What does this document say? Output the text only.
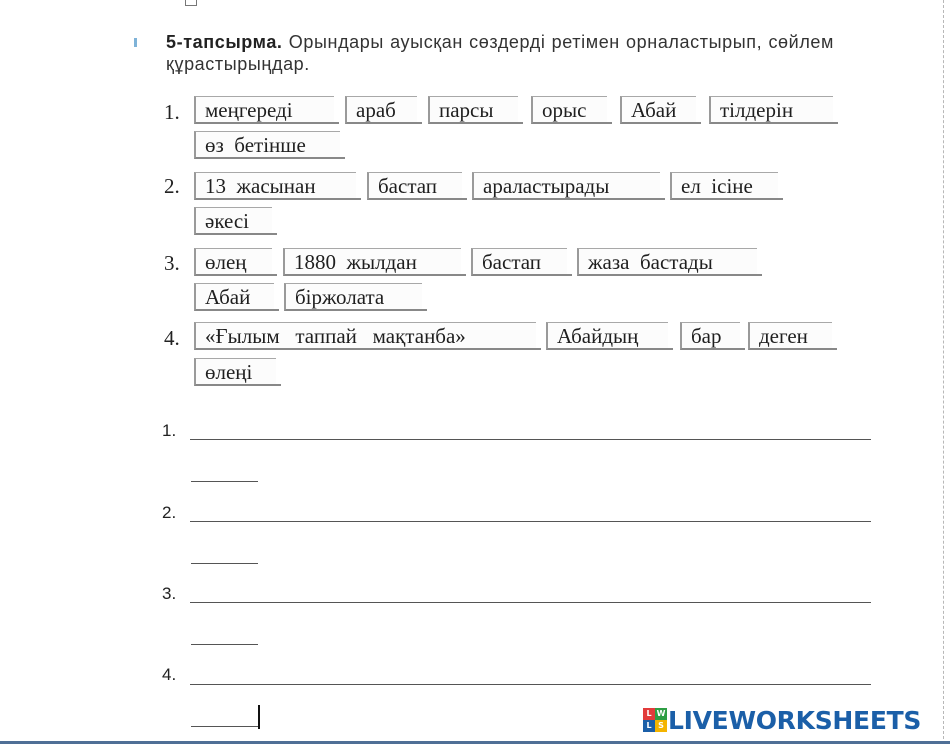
5-тапсырма. Орындары ауысқан сөздерді ретімен орналастырып, сөйлем құрастырыңдар.
1.	меңгереді	араб	парсы	орыс	Абай	тілдерін
өз  бетінше
2.	13  жасынан	бастап	араластырады	ел  ісіне
әкесі
3.	өлең	1880  жылдан	бастап	жаза  бастады
Абай	біржолата
4.	«Ғылым   таппай   мақтанба»	Абайдың	бар	деген
өлеңі
1.
2.
3.
4.
L W
L S LIVEWORKSHEETS
